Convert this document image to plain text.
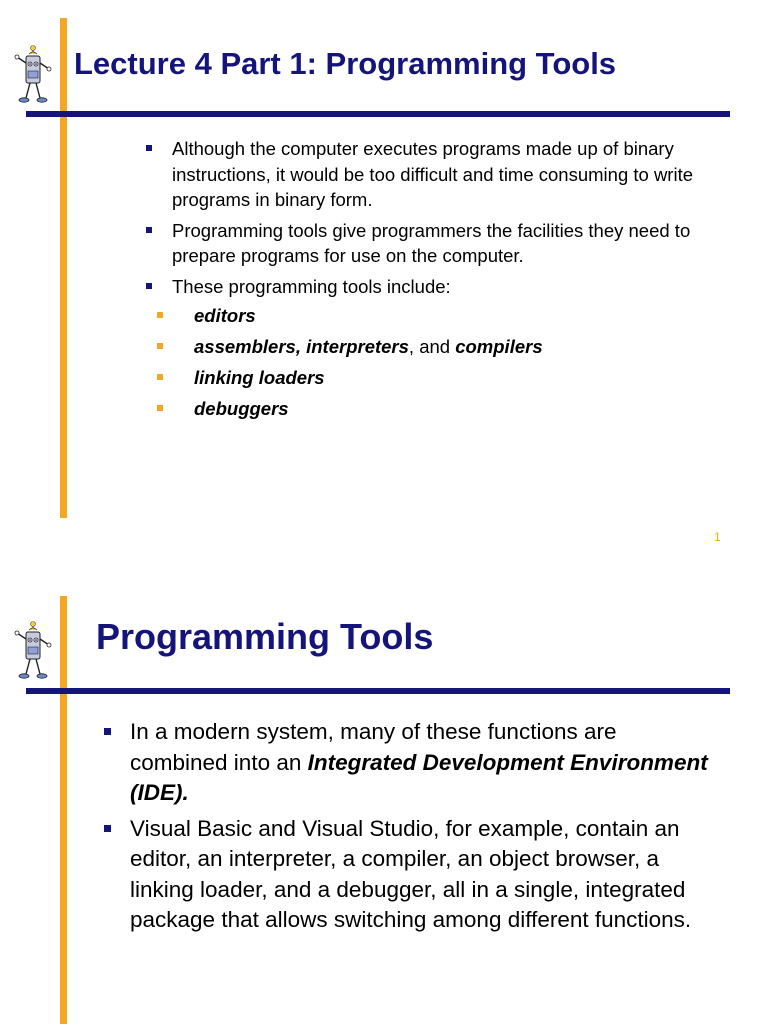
Lecture 4 Part 1: Programming Tools
Although the computer executes programs made up of binary instructions, it would be too difficult and time consuming to write programs in binary form.
Programming tools give programmers the facilities they need to prepare programs for use on the computer.
These programming tools include:
editors
assemblers, interpreters, and compilers
linking loaders
debuggers
1
Programming Tools
In a modern system, many of these functions are combined into an Integrated Development Environment (IDE).
Visual Basic and Visual Studio, for example, contain an editor, an interpreter, a compiler, an object browser, a linking loader, and a debugger, all in a single, integrated package that allows switching among different functions.
